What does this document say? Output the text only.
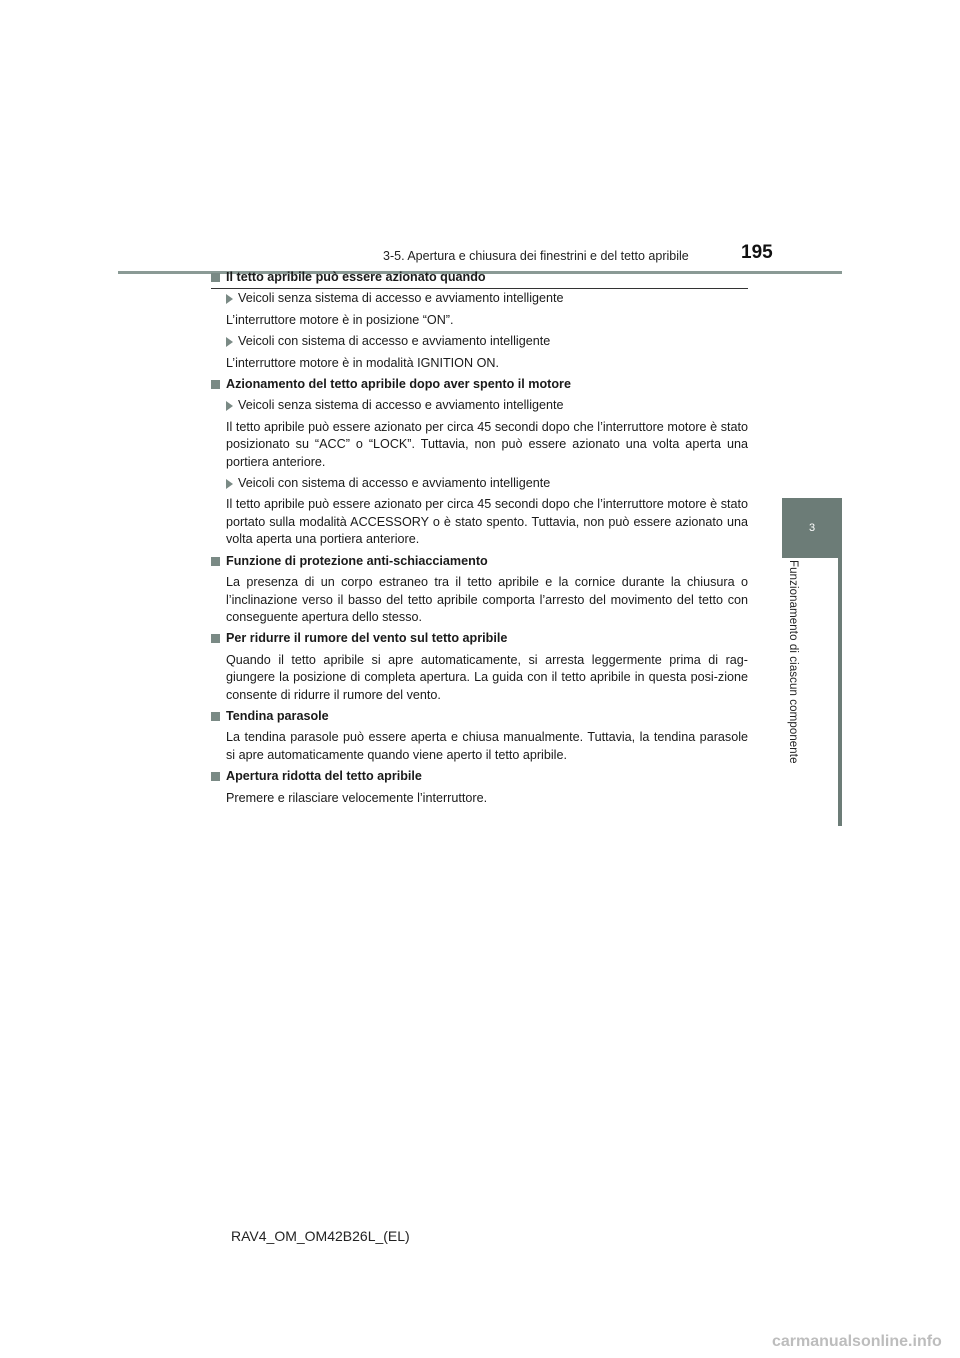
3-5. Apertura e chiusura dei finestrini e del tetto apribile	195
3
Funzionamento di ciascun componente
Il tetto apribile può essere azionato quando
Veicoli senza sistema di accesso e avviamento intelligente
L’interruttore motore è in posizione “ON”.
Veicoli con sistema di accesso e avviamento intelligente
L’interruttore motore è in modalità IGNITION ON.
Azionamento del tetto apribile dopo aver spento il motore
Veicoli senza sistema di accesso e avviamento intelligente
Il tetto apribile può essere azionato per circa 45 secondi dopo che l’interruttore motore è stato posizionato su “ACC” o “LOCK”. Tuttavia, non può essere azionato una volta aperta una portiera anteriore.
Veicoli con sistema di accesso e avviamento intelligente
Il tetto apribile può essere azionato per circa 45 secondi dopo che l’interruttore motore è stato portato sulla modalità ACCESSORY o è stato spento. Tuttavia, non può essere azionato una volta aperta una portiera anteriore.
Funzione di protezione anti-schiacciamento
La presenza di un corpo estraneo tra il tetto apribile e la cornice durante la chiusura o l’inclinazione verso il basso del tetto apribile comporta l’arresto del movimento del tetto con conseguente apertura dello stesso.
Per ridurre il rumore del vento sul tetto apribile
Quando il tetto apribile si apre automaticamente, si arresta leggermente prima di rag-giungere la posizione di completa apertura. La guida con il tetto apribile in questa posi-zione consente di ridurre il rumore del vento.
Tendina parasole
La tendina parasole può essere aperta e chiusa manualmente. Tuttavia, la tendina parasole si apre automaticamente quando viene aperto il tetto apribile.
Apertura ridotta del tetto apribile
Premere e rilasciare velocemente l’interruttore.
RAV4_OM_OM42B26L_(EL)
carmanualsonline.info
